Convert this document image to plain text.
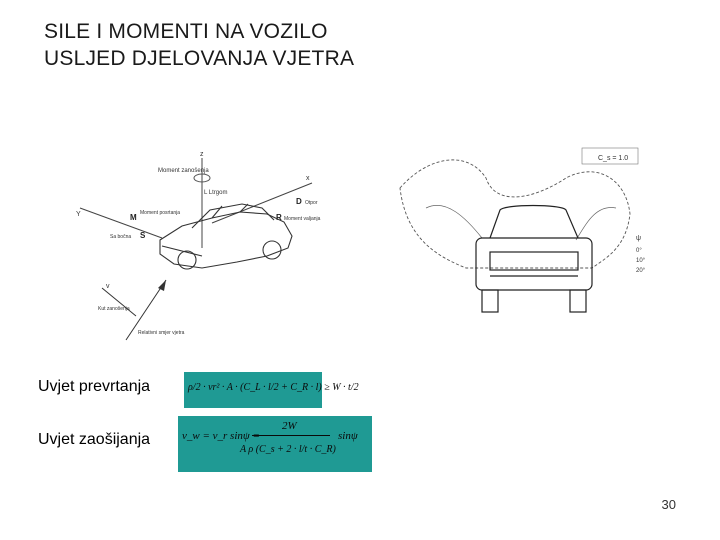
SILE I MOMENTI NA VOZILO
USLJED DJELOVANJA VJETRA
z
Moment zanošenja
L Ltrgom
x
D Otpor
Y	M Moment posrtanja	R Moment valjanja
S
Sa bočna
v
Kut zanošenja
Relativni smjer vjetra
C_s = 1.0
ψ
0°
10°
20°
Uvjet prevrtanja	ρ/2 · vr² · A · (C_L · l/2 + C_R · l) ≥ W · t/2
Uvjet zaošijanja	v_w = v_r sinψ =
2W
A ρ (C_s + 2 · l/t · C_R)
sinψ
30
